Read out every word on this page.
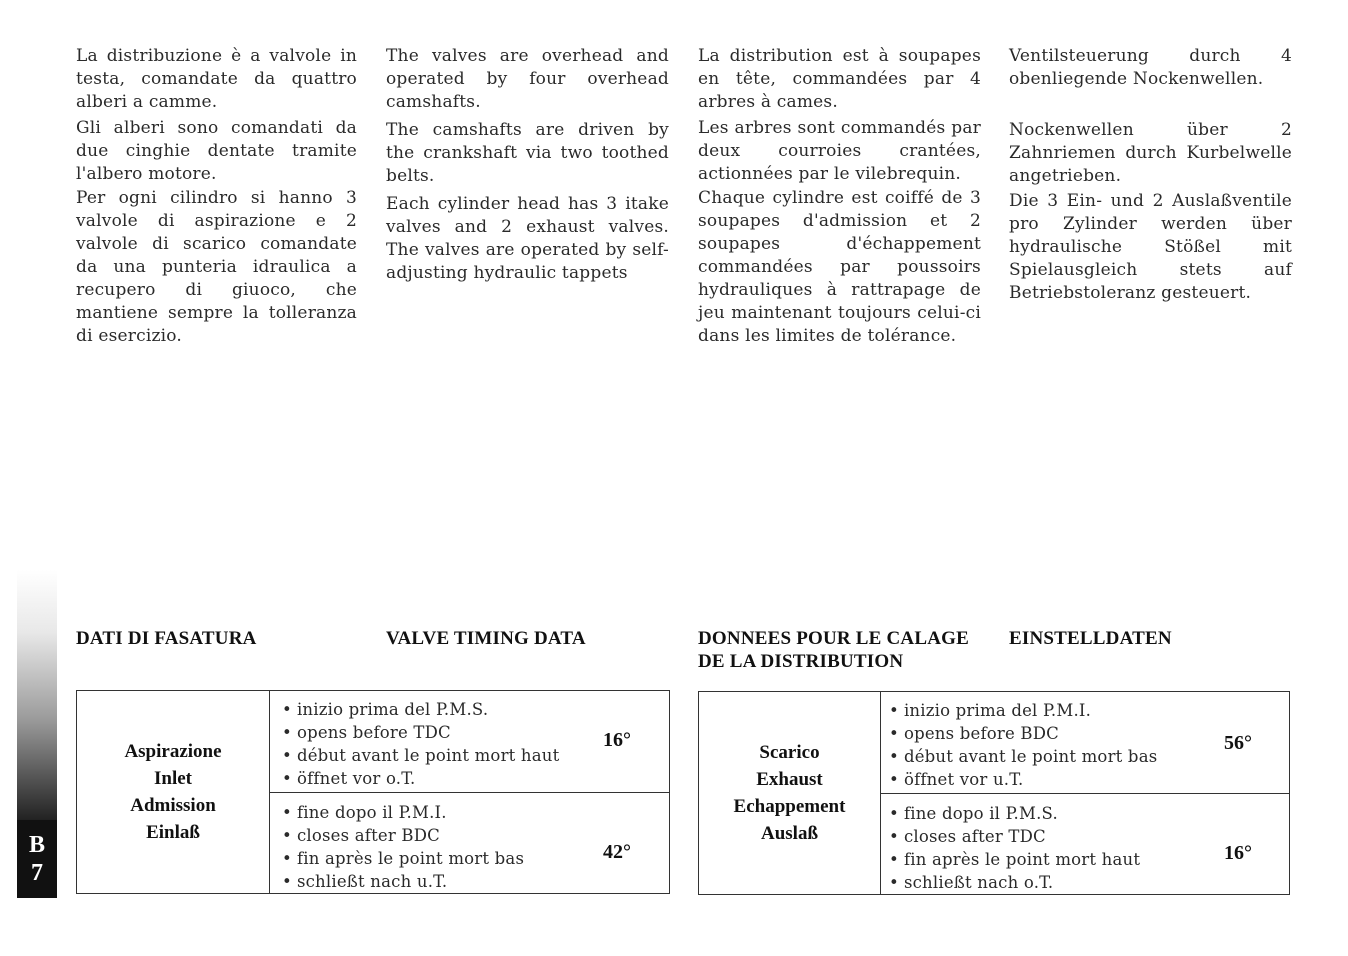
La distribuzione è a valvole in testa, comandate da quattro alberi a camme.

The valves are overhead and operated by four overhead camshafts.

La distribution est à soupapes en tête, commandées par 4 arbres à cames.

Ventilsteuerung durch 4 obenliegende Nockenwellen.

Gli alberi sono comandati da due cinghie dentate tramite l'albero motore.

The camshafts are driven by the crankshaft via two toothed belts.

Les arbres sont commandés par deux courroies crantées, actionnées par le vilebrequin.

Nockenwellen über 2 Zahnriemen durch Kurbelwelle angetrieben.

Per ogni cilindro si hanno 3 valvole di aspirazione e 2 valvole di scarico comandate da una punteria idraulica a recupero di giuoco, che mantiene sempre la tolleranza di esercizio.

Each cylinder head has 3 itake valves and 2 exhaust valves. The valves are operated by self-adjusting hydraulic tappets

Chaque cylindre est coiffé de 3 soupapes d'admission et 2 soupapes d'échappement commandées par poussoirs hydrauliques à rattrapage de jeu maintenant toujours celui-ci dans les limites de tolérance.

Die 3 Ein- und 2 Auslaßventile pro Zylinder werden über hydraulische Stößel mit Spielausgleich stets auf Betriebstoleranz gesteuert.

DATI DI FASATURA	VALVE TIMING DATA	DONNEES POUR LE CALAGE DE LA DISTRIBUTION
EINSTELLDATEN
Aspirazione
Inlet
Admission
Einlaß
• inizio prima del P.M.S.
• opens before TDC
• début avant le point mort haut
• öffnet vor o.T.
16°
• fine dopo il P.M.I.
• closes after BDC
• fin après le point mort bas
• schließt nach u.T.
42°
Scarico
Exhaust
Echappement
Auslaß
• inizio prima del P.M.I.
• opens before BDC
• début avant le point mort bas
• öffnet vor u.T.
56°
• fine dopo il P.M.S.
• closes after TDC
• fin après le point mort haut
• schließt nach o.T.
16°
B
7
